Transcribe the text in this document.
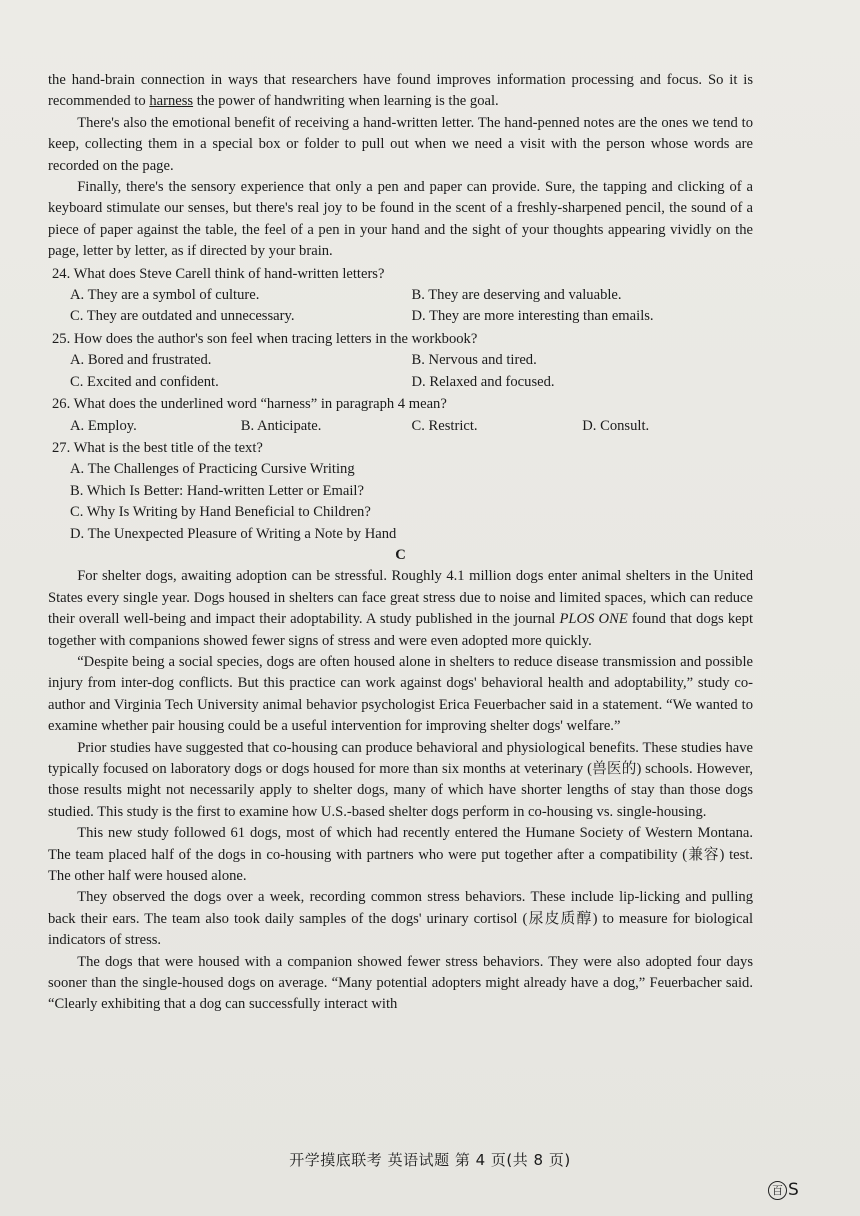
the hand-brain connection in ways that researchers have found improves information processing and focus. So it is recommended to harness the power of handwriting when learning is the goal.

There's also the emotional benefit of receiving a hand-written letter. The hand-penned notes are the ones we tend to keep, collecting them in a special box or folder to pull out when we need a visit with the person whose words are recorded on the page.

Finally, there's the sensory experience that only a pen and paper can provide. Sure, the tapping and clicking of a keyboard stimulate our senses, but there's real joy to be found in the scent of a freshly-sharpened pencil, the sound of a piece of paper against the table, the feel of a pen in your hand and the sight of your thoughts appearing vividly on the page, letter by letter, as if directed by your brain.

24. What does Steve Carell think of hand-written letters?
A. They are a symbol of culture.	B. They are deserving and valuable.
C. They are outdated and unnecessary.	D. They are more interesting than emails.
25. How does the author's son feel when tracing letters in the workbook?
A. Bored and frustrated.	B. Nervous and tired.
C. Excited and confident.	D. Relaxed and focused.
26. What does the underlined word “harness” in paragraph 4 mean?
A. Employ.	B. Anticipate.	C. Restrict.	D. Consult.
27. What is the best title of the text?
A. The Challenges of Practicing Cursive Writing
B. Which Is Better: Hand-written Letter or Email?
C. Why Is Writing by Hand Beneficial to Children?
D. The Unexpected Pleasure of Writing a Note by Hand

C

For shelter dogs, awaiting adoption can be stressful. Roughly 4.1 million dogs enter animal shelters in the United States every single year. Dogs housed in shelters can face great stress due to noise and limited spaces, which can reduce their overall well-being and impact their adoptability. A study published in the journal PLOS ONE found that dogs kept together with companions showed fewer signs of stress and were even adopted more quickly.

“Despite being a social species, dogs are often housed alone in shelters to reduce disease transmission and possible injury from inter-dog conflicts. But this practice can work against dogs' behavioral health and adoptability,” study co-author and Virginia Tech University animal behavior psychologist Erica Feuerbacher said in a statement. “We wanted to examine whether pair housing could be a useful intervention for improving shelter dogs' welfare.”

Prior studies have suggested that co-housing can produce behavioral and physiological benefits. These studies have typically focused on laboratory dogs or dogs housed for more than six months at veterinary (兽医的) schools. However, those results might not necessarily apply to shelter dogs, many of which have shorter lengths of stay than those dogs studied. This study is the first to examine how U.S.-based shelter dogs perform in co-housing vs. single-housing.

This new study followed 61 dogs, most of which had recently entered the Humane Society of Western Montana. The team placed half of the dogs in co-housing with partners who were put together after a compatibility (兼容) test. The other half were housed alone.

They observed the dogs over a week, recording common stress behaviors. These include lip-licking and pulling back their ears. The team also took daily samples of the dogs' urinary cortisol (尿皮质醇) to measure for biological indicators of stress.

The dogs that were housed with a companion showed fewer stress behaviors. They were also adopted four days sooner than the single-housed dogs on average. “Many potential adopters might already have a dog,” Feuerbacher said. “Clearly exhibiting that a dog can successfully interact with

开学摸底联考 英语试题 第 4 页(共 8 页)
百 S
